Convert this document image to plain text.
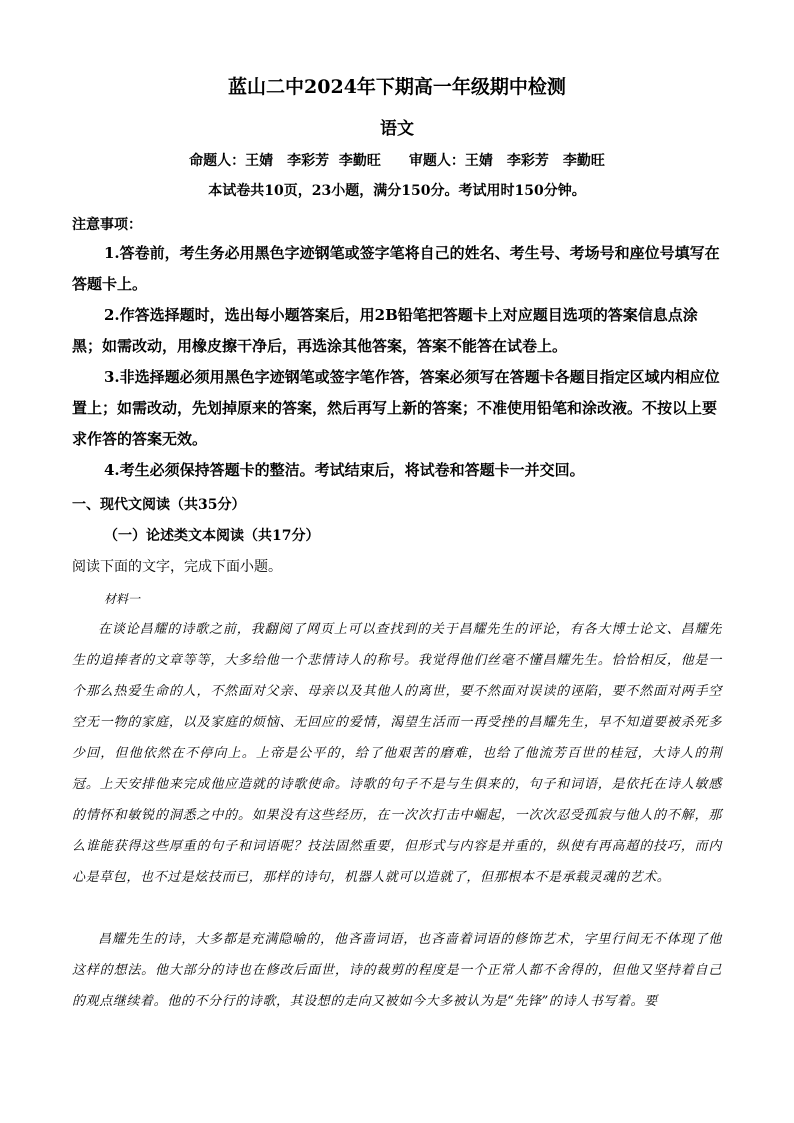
蓝山二中2024年下期高一年级期中检测
语文
命题人：王婧　李彩芳  李勤旺　　审题人：王婧　李彩芳　李勤旺
本试卷共10页，23小题，满分150分。考试用时150分钟。
注意事项：
1.答卷前，考生务必用黑色字迹钢笔或签字笔将自己的姓名、考生号、考场号和座位号填写在答题卡上。
2.作答选择题时，选出每小题答案后，用2B铅笔把答题卡上对应题目选项的答案信息点涂黑；如需改动，用橡皮擦干净后，再选涂其他答案，答案不能答在试卷上。
3.非选择题必须用黑色字迹钢笔或签字笔作答，答案必须写在答题卡各题目指定区域内相应位置上；如需改动，先划掉原来的答案，然后再写上新的答案；不准使用铅笔和涂改液。不按以上要求作答的答案无效。
4.考生必须保持答题卡的整洁。考试结束后，将试卷和答题卡一并交回。
一、现代文阅读（共35分）
（一）论述类文本阅读（共17分）
阅读下面的文字，完成下面小题。
材料一
在谈论昌耀的诗歌之前，我翻阅了网页上可以查找到的关于昌耀先生的评论，有各大博士论文、昌耀先生的追捧者的文章等等，大多给他一个悲情诗人的称号。我觉得他们丝毫不懂昌耀先生。恰恰相反，他是一个那么热爱生命的人，不然面对父亲、母亲以及其他人的离世，要不然面对误读的诬陷，要不然面对两手空空无一物的家庭，以及家庭的烦恼、无回应的爱情，渴望生活而一再受挫的昌耀先生，早不知道要被杀死多少回，但他依然在不停向上。上帝是公平的，给了他艰苦的磨难，也给了他流芳百世的桂冠，大诗人的荆冠。上天安排他来完成他应造就的诗歌使命。诗歌的句子不是与生俱来的，句子和词语，是依托在诗人敏感的情怀和敏锐的洞悉之中的。如果没有这些经历，在一次次打击中崛起，一次次忍受孤寂与他人的不解，那么谁能获得这些厚重的句子和词语呢？技法固然重要，但形式与内容是并重的，纵使有再高超的技巧，而内心是草包，也不过是炫技而已，那样的诗句，机器人就可以造就了，但那根本不是承载灵魂的艺术。
昌耀先生的诗，大多都是充满隐喻的，他吝啬词语，也吝啬着词语的修饰艺术，字里行间无不体现了他这样的想法。他大部分的诗也在修改后面世，诗的裁剪的程度是一个正常人都不舍得的，但他又坚持着自己的观点继续着。他的不分行的诗歌，其设想的走向又被如今大多被认为是“先锋”的诗人书写着。要
